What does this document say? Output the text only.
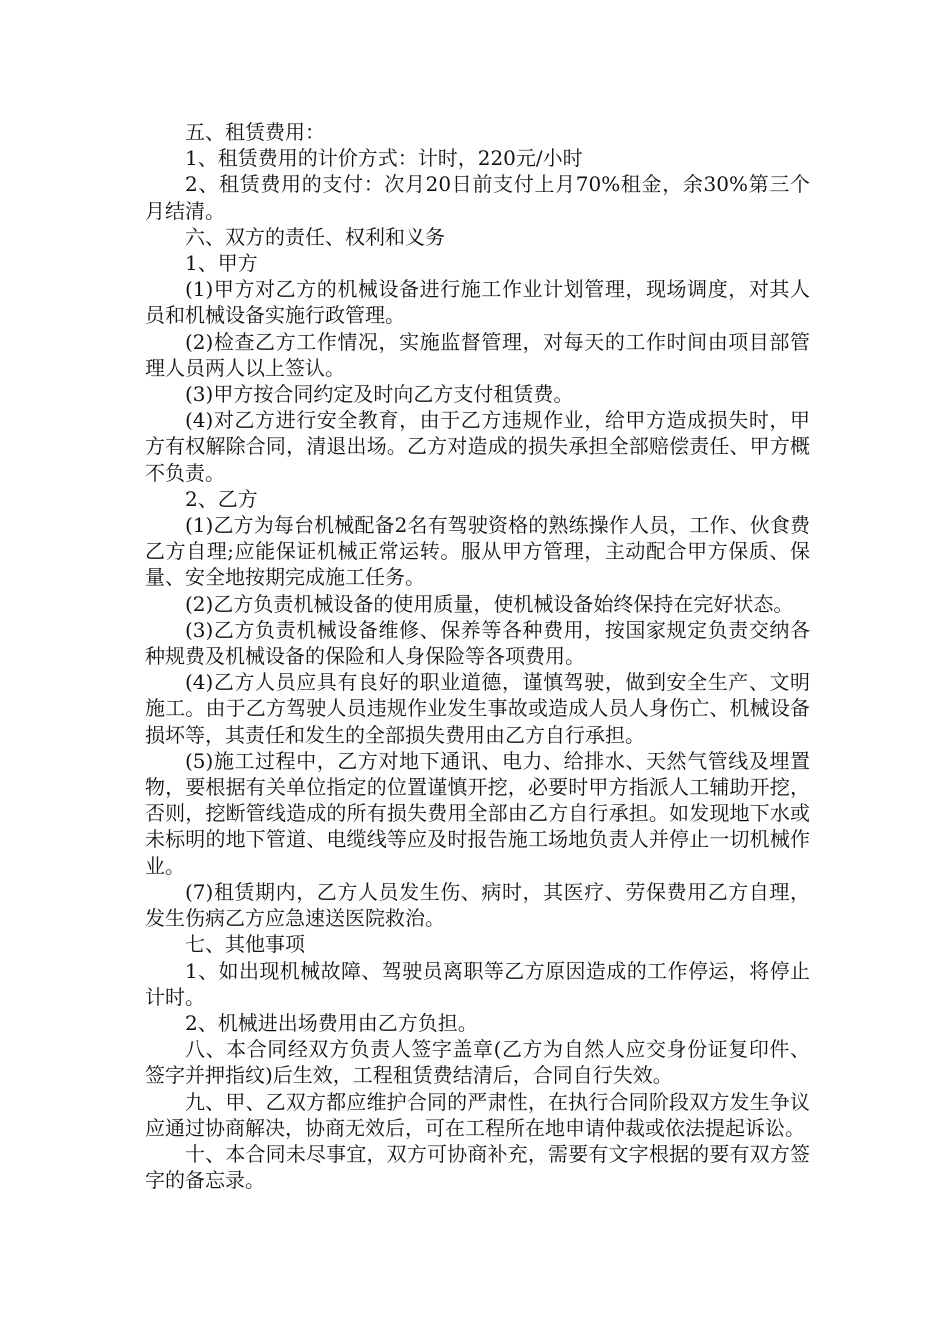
五、租赁费用：

1、租赁费用的计价方式：计时，220元/小时

2、租赁费用的支付：次月20日前支付上月70%租金，余30%第三个月结清。

六、双方的责任、权利和义务

1、甲方

(1)甲方对乙方的机械设备进行施工作业计划管理，现场调度，对其人员和机械设备实施行政管理。

(2)检查乙方工作情况，实施监督管理，对每天的工作时间由项目部管理人员两人以上签认。

(3)甲方按合同约定及时向乙方支付租赁费。

(4)对乙方进行安全教育，由于乙方违规作业，给甲方造成损失时，甲方有权解除合同，清退出场。乙方对造成的损失承担全部赔偿责任、甲方概不负责。

2、乙方

(1)乙方为每台机械配备2名有驾驶资格的熟练操作人员，工作、伙食费乙方自理;应能保证机械正常运转。服从甲方管理，主动配合甲方保质、保量、安全地按期完成施工任务。

(2)乙方负责机械设备的使用质量，使机械设备始终保持在完好状态。

(3)乙方负责机械设备维修、保养等各种费用，按国家规定负责交纳各种规费及机械设备的保险和人身保险等各项费用。

(4)乙方人员应具有良好的职业道德，谨慎驾驶，做到安全生产、文明施工。由于乙方驾驶人员违规作业发生事故或造成人员人身伤亡、机械设备损坏等，其责任和发生的全部损失费用由乙方自行承担。

(5)施工过程中，乙方对地下通讯、电力、给排水、天然气管线及埋置物，要根据有关单位指定的位置谨慎开挖，必要时甲方指派人工辅助开挖，否则，挖断管线造成的所有损失费用全部由乙方自行承担。如发现地下水或未标明的地下管道、电缆线等应及时报告施工场地负责人并停止一切机械作业。

(7)租赁期内，乙方人员发生伤、病时，其医疗、劳保费用乙方自理，发生伤病乙方应急速送医院救治。

七、其他事项

1、如出现机械故障、驾驶员离职等乙方原因造成的工作停运，将停止计时。

2、机械进出场费用由乙方负担。

八、本合同经双方负责人签字盖章(乙方为自然人应交身份证复印件、签字并押指纹)后生效，工程租赁费结清后，合同自行失效。

九、甲、乙双方都应维护合同的严肃性，在执行合同阶段双方发生争议应通过协商解决，协商无效后，可在工程所在地申请仲裁或依法提起诉讼。

十、本合同未尽事宜，双方可协商补充，需要有文字根据的要有双方签字的备忘录。
